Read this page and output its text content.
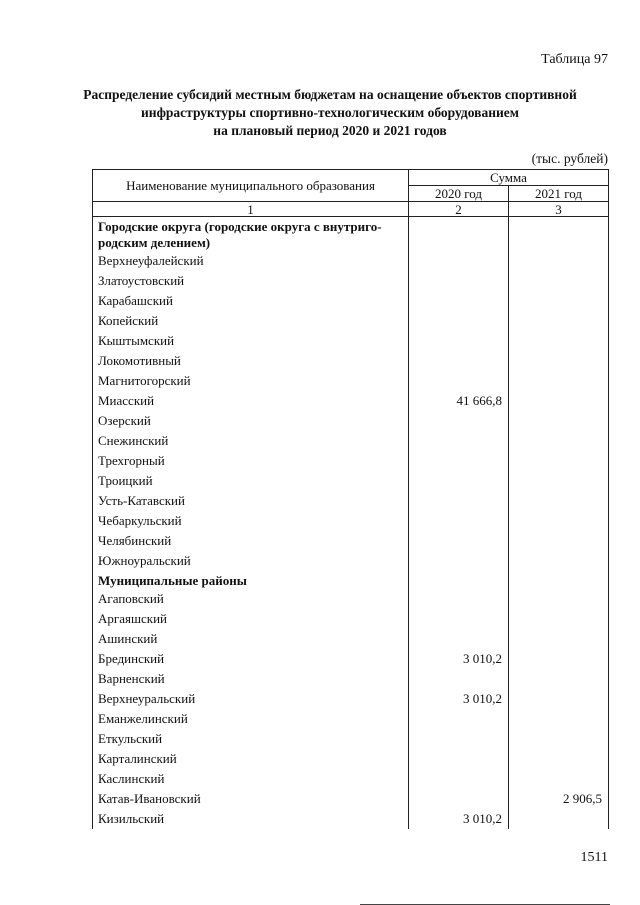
Таблица 97
Распределение субсидий местным бюджетам на оснащение объектов спортивной
инфраструктуры спортивно-технологическим оборудованием
на плановый период 2020 и 2021 годов
(тыс. рублей)
Наименование муниципального образования	Сумма	
	2020 год	2021 год
1	2	3
Городские округа (городские округа с внутриго-родским делением)		
Верхнеуфалейский		
Златоустовский		
Карабашский		
Копейский		
Кыштымский		
Локомотивный		
Магнитогорский		
Миасский	41 666,8	
Озерский		
Снежинский		
Трехгорный		
Троицкий		
Усть-Катавский		
Чебаркульский		
Челябинский		
Южноуральский		
Муниципальные районы		
Агаповский		
Аргаяшский		
Ашинский		
Брединский	3 010,2	
Варненский		
Верхнеуральский	3 010,2	
Еманжелинский		
Еткульский		
Карталинский		
Каслинский		
Катав-Ивановский		2 906,5
Кизильский	3 010,2	
1511
